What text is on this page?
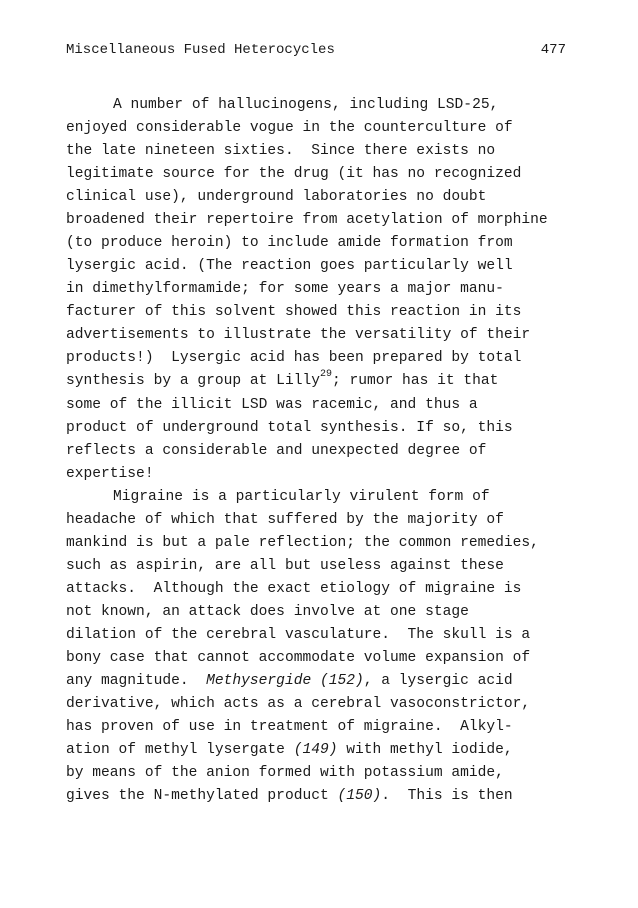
Miscellaneous Fused Heterocycles	477
A number of hallucinogens, including LSD-25,
enjoyed considerable vogue in the counterculture of
the late nineteen sixties.  Since there exists no
legitimate source for the drug (it has no recognized
clinical use), underground laboratories no doubt
broadened their repertoire from acetylation of morphine
(to produce heroin) to include amide formation from
lysergic acid. (The reaction goes particularly well
in dimethylformamide; for some years a major manu-
facturer of this solvent showed this reaction in its
advertisements to illustrate the versatility of their
products!)  Lysergic acid has been prepared by total
synthesis by a group at Lilly$^{29}$; rumor has it that
some of the illicit LSD was racemic, and thus a
product of underground total synthesis. If so, this
reflects a considerable and unexpected degree of
expertise!
Migraine is a particularly virulent form of
headache of which that suffered by the majority of
mankind is but a pale reflection; the common remedies,
such as aspirin, are all but useless against these
attacks.  Although the exact etiology of migraine is
not known, an attack does involve at one stage
dilation of the cerebral vasculature.  The skull is a
bony case that cannot accommodate volume expansion of
any magnitude.  Methysergide (152), a lysergic acid
derivative, which acts as a cerebral vasoconstrictor,
has proven of use in treatment of migraine.  Alkyl-
ation of methyl lysergate (149) with methyl iodide,
by means of the anion formed with potassium amide,
gives the N-methylated product (150).  This is then
